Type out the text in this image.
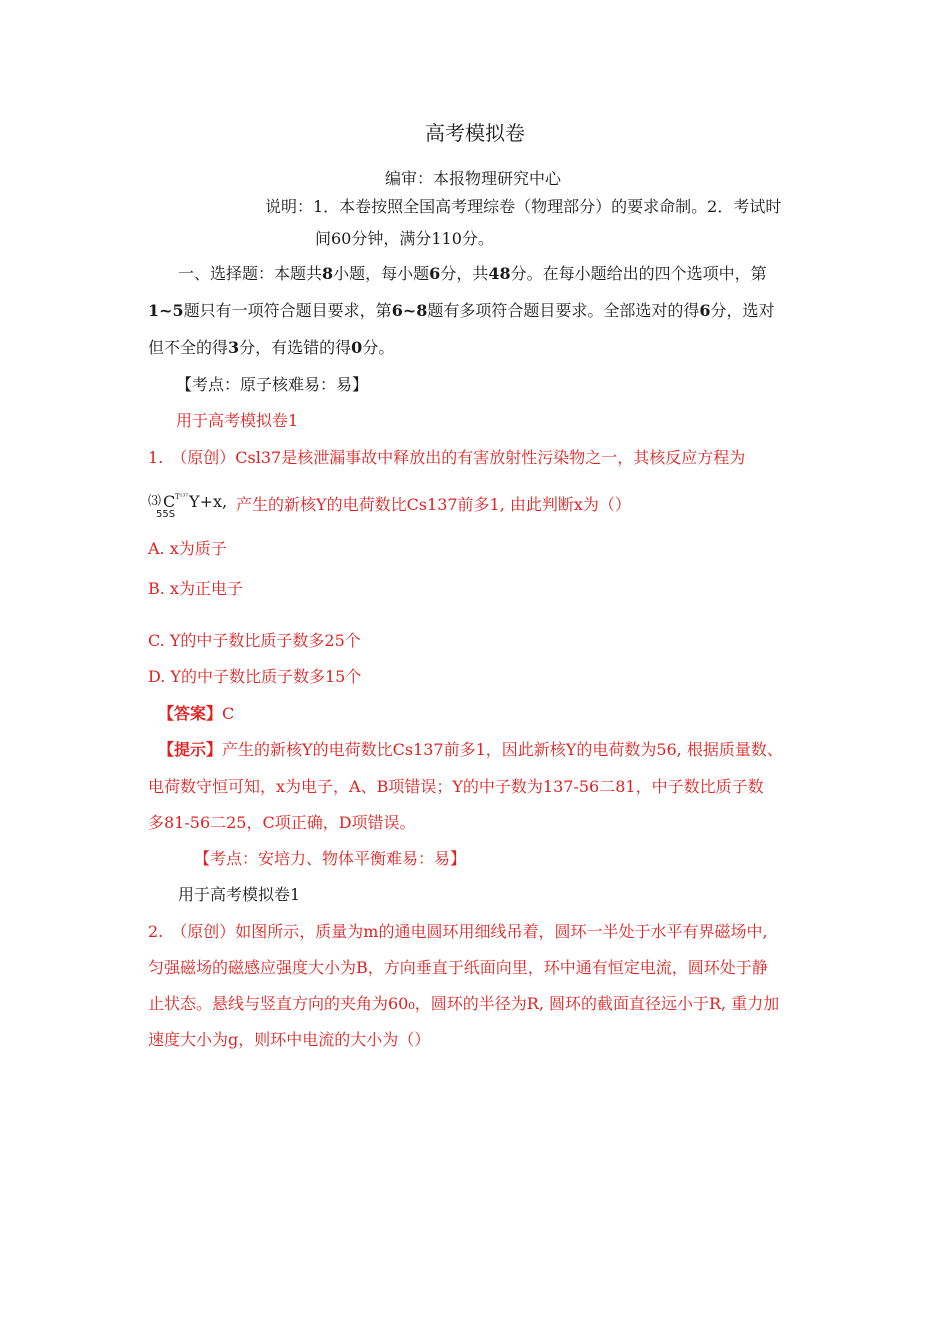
高考模拟卷
编审：本报物理研究中心
说明：1．本卷按照全国高考理综卷（物理部分）的要求命制。2．考试时
间60分钟，满分110分。
一、选择题：本题共8小题，每小题6分，共48分。在每小题给出的四个选项中，第
1~5题只有一项符合题目要求，第6~8题有多项符合题目要求。全部选对的得6分，选对
但不全的得3分，有选错的得0分。
【考点：原子核难易：易】
用于高考模拟卷1
1.　（原创）Csl37是核泄漏事故中释放出的有害放射性污染物之一，其核反应方程为
⑶ C T¹³⁷ Y+x,
55S
产生的新核Y的电荷数比Cs137前多1, 由此判断x为（）
A. x为质子
B. x为正电子
C. Y的中子数比质子数多25个
D. Y的中子数比质子数多15个
【答案】C
【提示】产生的新核Y的电荷数比Cs137前多1，因此新核Y的电荷数为56, 根据质量数、
电荷数守恒可知，x为电子，A、B项错误；Y的中子数为137-56二81，中子数比质子数
多81-56二25，C项正确，D项错误。
【考点：安培力、物体平衡难易：易】
用于高考模拟卷1
2.　（原创）如图所示，质量为m的通电圆环用细线吊着，圆环一半处于水平有界磁场中,
匀强磁场的磁感应强度大小为B，方向垂直于纸面向里，环中通有恒定电流，圆环处于静
止状态。悬线与竖直方向的夹角为60₀，圆环的半径为R, 圆环的截面直径远小于R, 重力加
速度大小为g，则环中电流的大小为（）
